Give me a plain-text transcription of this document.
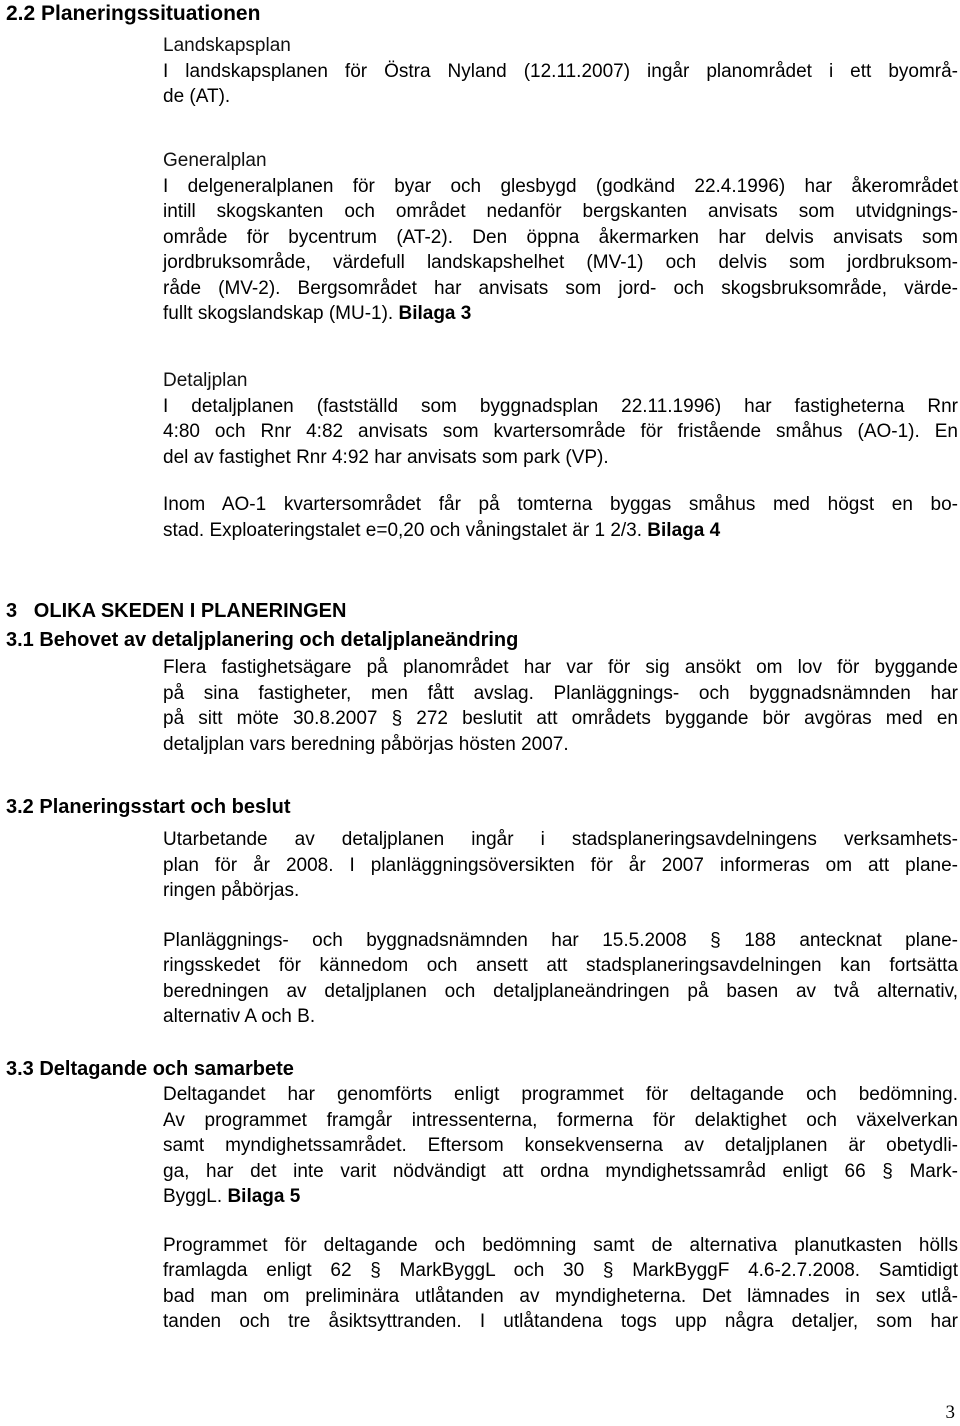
2.2 Planeringssituationen
Landskapsplan
I landskapsplanen för Östra Nyland (12.11.2007) ingår planområdet i ett byområ-
de (AT).
Generalplan
I delgeneralplanen för byar och glesbygd (godkänd 22.4.1996) har åkerområdet
intill skogskanten och området nedanför bergskanten anvisats som utvidgnings-
område för bycentrum (AT-2). Den öppna åkermarken har delvis anvisats som
jordbruksområde, värdefull landskapshelhet (MV-1) och delvis som jordbruksom-
råde (MV-2). Bergsområdet har anvisats som jord- och skogsbruksområde, värde-
fullt skogslandskap (MU-1). Bilaga 3
Detaljplan
I detaljplanen (fastställd som byggnadsplan 22.11.1996) har fastigheterna Rnr
4:80 och Rnr 4:82 anvisats som kvartersområde för fristående småhus (AO-1). En
del av fastighet Rnr 4:92 har anvisats som park (VP).
Inom AO-1 kvartersområdet får på tomterna byggas småhus med högst en bo-
stad. Exploateringstalet e=0,20 och våningstalet är 1 2/3. Bilaga 4
3   OLIKA SKEDEN I PLANERINGEN
3.1 Behovet av detaljplanering och detaljplaneändring
Flera fastighetsägare på planområdet har var för sig ansökt om lov för byggande
på sina fastigheter, men fått avslag. Planläggnings- och byggnadsnämnden har
på sitt möte 30.8.2007 § 272 beslutit att områdets byggande bör avgöras med en
detaljplan vars beredning påbörjas hösten 2007.
3.2 Planeringsstart och beslut
Utarbetande av detaljplanen ingår i stadsplaneringsavdelningens verksamhets-
plan för år 2008. I planläggningsöversikten för år 2007 informeras om att plane-
ringen påbörjas.
Planläggnings- och byggnadsnämnden har 15.5.2008 § 188 antecknat plane-
ringsskedet för kännedom och ansett att stadsplaneringsavdelningen kan fortsätta
beredningen av detaljplanen och detaljplaneändringen på basen av två alternativ,
alternativ A och B.
3.3 Deltagande och samarbete
Deltagandet har genomförts enligt programmet för deltagande och bedömning.
Av programmet framgår intressenterna, formerna för delaktighet och växelverkan
samt myndighetssamrådet. Eftersom konsekvenserna av detaljplanen är obetydli-
ga, har det inte varit nödvändigt att ordna myndighetssamråd enligt 66 § Mark-
ByggL. Bilaga 5
Programmet för deltagande och bedömning samt de alternativa planutkasten hölls
framlagda enligt 62 § MarkByggL och 30 § MarkByggF 4.6-2.7.2008. Samtidigt
bad man om preliminära utlåtanden av myndigheterna. Det lämnades in sex utlå-
tanden och tre åsiktsyttranden. I utlåtandena togs upp några detaljer, som har
3
